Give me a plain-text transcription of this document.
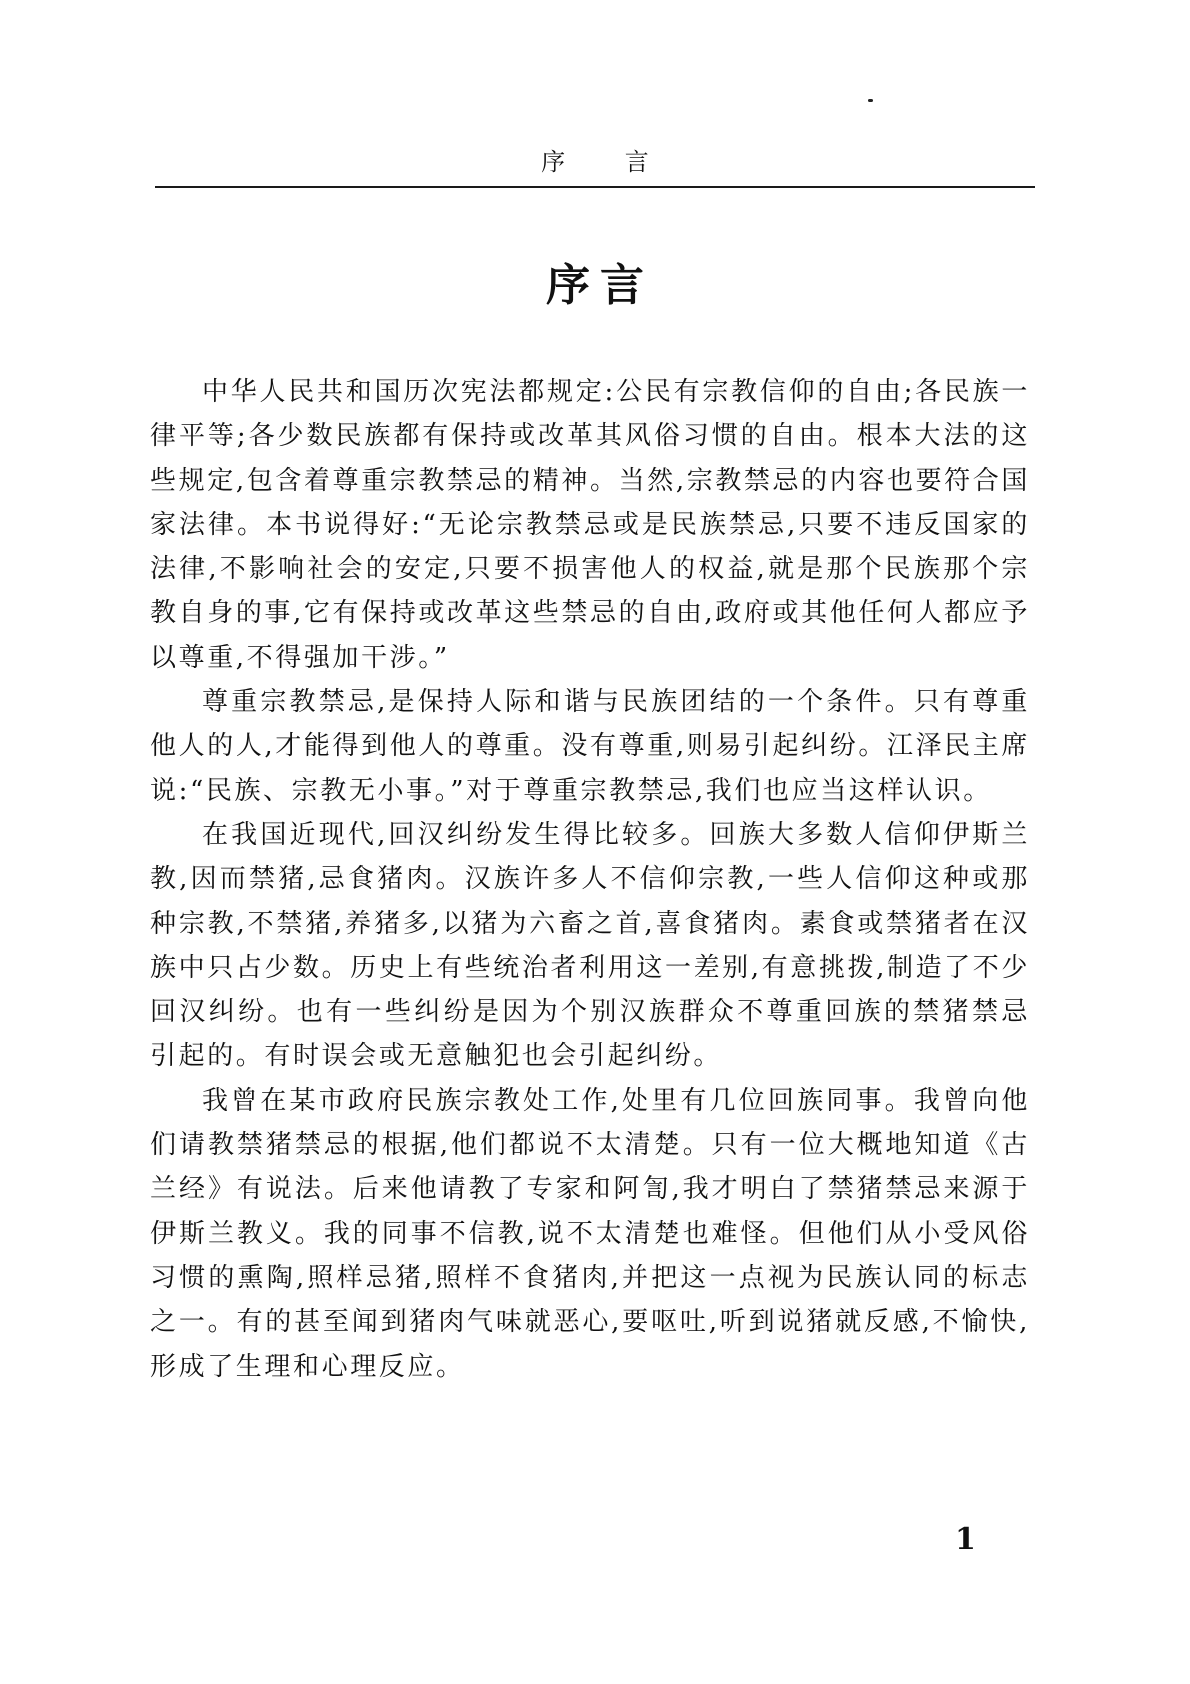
序 言
序言

中华人民共和国历次宪法都规定:公民有宗教信仰的自由;各民族一律平等;各少数民族都有保持或改革其风俗习惯的自由。根本大法的这些规定,包含着尊重宗教禁忌的精神。当然,宗教禁忌的内容也要符合国家法律。本书说得好:“无论宗教禁忌或是民族禁忌,只要不违反国家的法律,不影响社会的安定,只要不损害他人的权益,就是那个民族那个宗教自身的事,它有保持或改革这些禁忌的自由,政府或其他任何人都应予以尊重,不得强加干涉。”

尊重宗教禁忌,是保持人际和谐与民族团结的一个条件。只有尊重他人的人,才能得到他人的尊重。没有尊重,则易引起纠纷。江泽民主席说:“民族、宗教无小事。”对于尊重宗教禁忌,我们也应当这样认识。

在我国近现代,回汉纠纷发生得比较多。回族大多数人信仰伊斯兰教,因而禁猪,忌食猪肉。汉族许多人不信仰宗教,一些人信仰这种或那种宗教,不禁猪,养猪多,以猪为六畜之首,喜食猪肉。素食或禁猪者在汉族中只占少数。历史上有些统治者利用这一差别,有意挑拨,制造了不少回汉纠纷。也有一些纠纷是因为个别汉族群众不尊重回族的禁猪禁忌引起的。有时误会或无意触犯也会引起纠纷。

我曾在某市政府民族宗教处工作,处里有几位回族同事。我曾向他们请教禁猪禁忌的根据,他们都说不太清楚。只有一位大概地知道《古兰经》有说法。后来他请教了专家和阿訇,我才明白了禁猪禁忌来源于伊斯兰教义。我的同事不信教,说不太清楚也难怪。但他们从小受风俗习惯的熏陶,照样忌猪,照样不食猪肉,并把这一点视为民族认同的标志之一。有的甚至闻到猪肉气味就恶心,要呕吐,听到说猪就反感,不愉快,形成了生理和心理反应。

1
